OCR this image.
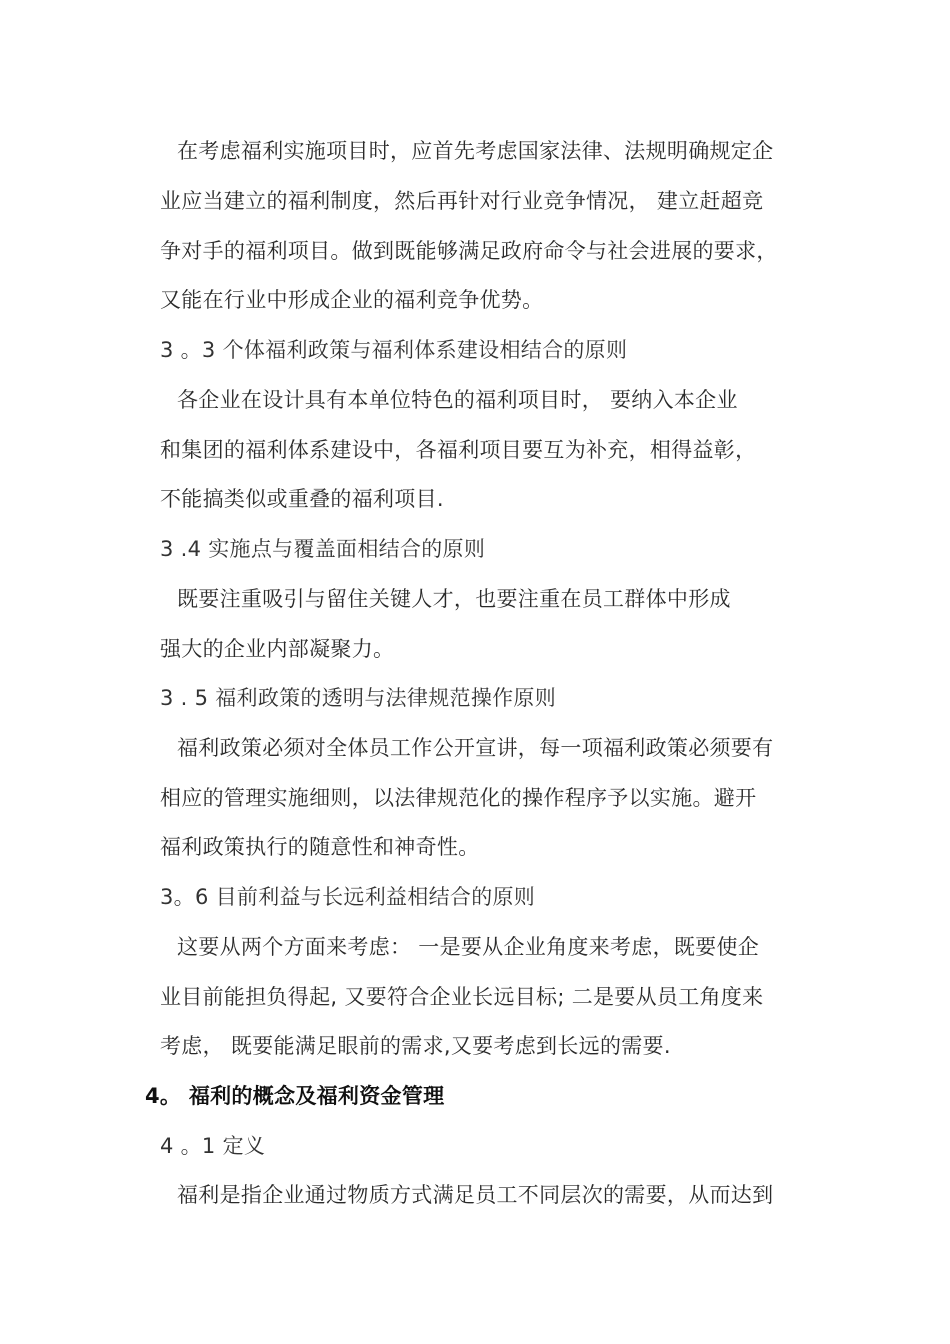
在考虑福利实施项目时，应首先考虑国家法律、法规明确规定企
业应当建立的福利制度，然后再针对行业竞争情况， 建立赶超竞
争对手的福利项目。做到既能够满足政府命令与社会进展的要求，
又能在行业中形成企业的福利竞争优势。
3 。3 个体福利政策与福利体系建设相结合的原则
各企业在设计具有本单位特色的福利项目时， 要纳入本企业
和集团的福利体系建设中，各福利项目要互为补充，相得益彰，
不能搞类似或重叠的福利项目.
3 .4 实施点与覆盖面相结合的原则
既要注重吸引与留住关键人才，也要注重在员工群体中形成
强大的企业内部凝聚力。
3 . 5 福利政策的透明与法律规范操作原则
福利政策必须对全体员工作公开宣讲，每一项福利政策必须要有
相应的管理实施细则，以法律规范化的操作程序予以实施。避开
福利政策执行的随意性和神奇性。
3。6 目前利益与长远利益相结合的原则
这要从两个方面来考虑： 一是要从企业角度来考虑，既要使企
业目前能担负得起, 又要符合企业长远目标; 二是要从员工角度来
考虑， 既要能满足眼前的需求,又要考虑到长远的需要.
4。 福利的概念及福利资金管理
4 。1 定义
福利是指企业通过物质方式满足员工不同层次的需要，从而达到
